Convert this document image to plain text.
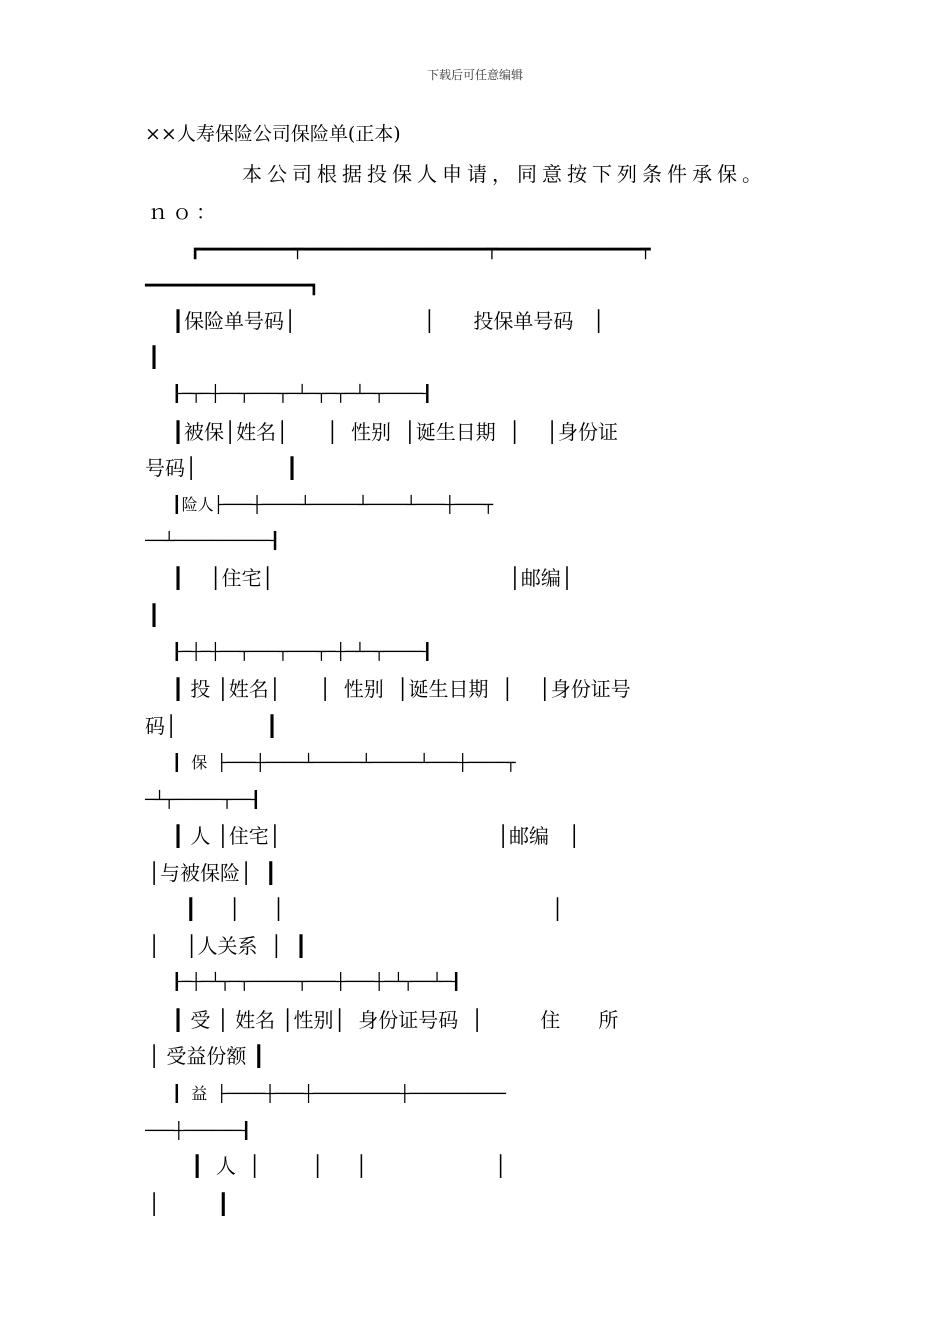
下载后可任意编辑
××人寿保险公司保险单(正本)
本公司根据投保人申请，同意按下列条件承保。
ｎｏ：
┏━━━━━━━━━┯━━━━━━━━━━━━━━━━━━┯━━━━━━━━━━━━━━┯
━━━━━━━━━━━━━━━━┓
┃保险单号码│                    │      投保单号码   │
┃
┠─┬─┼──┬───┬─┴─┬─┬─┴─┬────┨
┃被保│姓名│      │  性别  │诞生日期  │    │身份证
号码│              ┃
┃险人├───┼────┴─────┴────┴───┼───┬
──┴──────────┨
┃    │住宅│                                     │邮编│
┃
┠─┼─┼──┬───┬───┬─┼─┴─┬────┨
┃ 投 │姓名│      │  性别  │诞生日期  │    │身份证号
码│              ┃
┃ 保 ├───┼────┴─────┴─────┴───┼────┬
─┴┬─────┬──┨
┃ 人 │住宅│                                  │邮编   │
│与被保险│  ┃
┃     │     │                                          │
│    │人关系  │  ┃
┠─┼─┴┬─┬─────┬───┼───┼─┴┬──┴─┨
┃ 受 │ 姓名 │性别│  身份证号码  │         住      所
│ 受益份额 ┃
┃ 益 ├────┼───┼─────────┼──────────
───┼──────┨
┃  人  │        │     │                    │
│         ┃
